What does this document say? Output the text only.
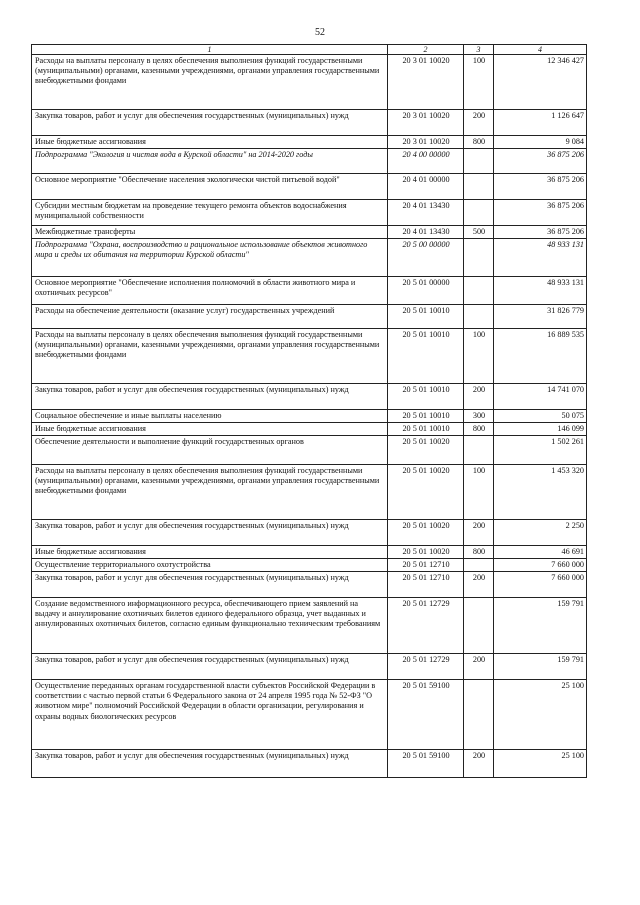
52
1	2	3	4
Расходы на выплаты персоналу в целях обеспечения выполнения функций государственными (муниципальными) органами, казенными учреждениями, органами управления государственными внебюджетными фондами	20 3 01 10020	100	12 346 427
Закупка товаров, работ и услуг для обеспечения государственных (муниципальных) нужд	20 3 01 10020	200	1 126 647
Иные бюджетные ассигнования	20 3 01 10020	800	9 084
Подпрограмма "Экология и чистая вода в Курской области" на 2014-2020 годы	20 4 00 00000		36 875 206
Основное мероприятие "Обеспечение населения экологически чистой питьевой водой"	20 4 01 00000		36 875 206
Субсидии местным бюджетам на проведение текущего ремонта объектов водоснабжения муниципальной собственности	20 4 01 13430		36 875 206
Межбюджетные трансферты	20 4 01 13430	500	36 875 206
Подпрограмма "Охрана, воспроизводство и рациональное использование объектов животного мира и среды их обитания на территории Курской области"	20 5 00 00000		48 933 131
Основное мероприятие "Обеспечение исполнения полномочий в области животного мира и охотничьих ресурсов"	20 5 01 00000		48 933 131
Расходы на обеспечение деятельности (оказание услуг) государственных учреждений	20 5 01 10010		31 826 779
Расходы на выплаты персоналу в целях обеспечения выполнения функций государственными (муниципальными) органами, казенными учреждениями, органами управления государственными внебюджетными фондами	20 5 01 10010	100	16 889 535
Закупка товаров, работ и услуг для обеспечения государственных (муниципальных) нужд	20 5 01 10010	200	14 741 070
Социальное обеспечение и иные выплаты населению	20 5 01 10010	300	50 075
Иные бюджетные ассигнования	20 5 01 10010	800	146 099
Обеспечение деятельности и выполнение функций государственных органов	20 5 01 10020		1 502 261
Расходы на выплаты персоналу в целях обеспечения выполнения функций государственными (муниципальными) органами, казенными учреждениями, органами управления государственными внебюджетными фондами	20 5 01 10020	100	1 453 320
Закупка товаров, работ и услуг для обеспечения государственных (муниципальных) нужд	20 5 01 10020	200	2 250
Иные бюджетные ассигнования	20 5 01 10020	800	46 691
Осуществление территориального охотустройства	20 5 01 12710		7 660 000
Закупка товаров, работ и услуг для обеспечения государственных (муниципальных) нужд	20 5 01 12710	200	7 660 000
Создание ведомственного информационного ресурса, обеспечивающего прием заявлений на выдачу и аннулирование охотничьих билетов единого федерального образца, учет выданных и аннулированных охотничьих билетов, согласно единым функционально техническим требованиям	20 5 01 12729		159 791
Закупка товаров, работ и услуг для обеспечения государственных (муниципальных) нужд	20 5 01 12729	200	159 791
Осуществление переданных органам государственной власти субъектов Российской Федерации в соответствии с частью первой статьи 6 Федерального закона от 24 апреля 1995 года № 52-ФЗ "О животном мире" полномочий Российской Федерации в области организации, регулирования и охраны водных биологических ресурсов	20 5 01 59100		25 100
Закупка товаров, работ и услуг для обеспечения государственных (муниципальных) нужд	20 5 01 59100	200	25 100
